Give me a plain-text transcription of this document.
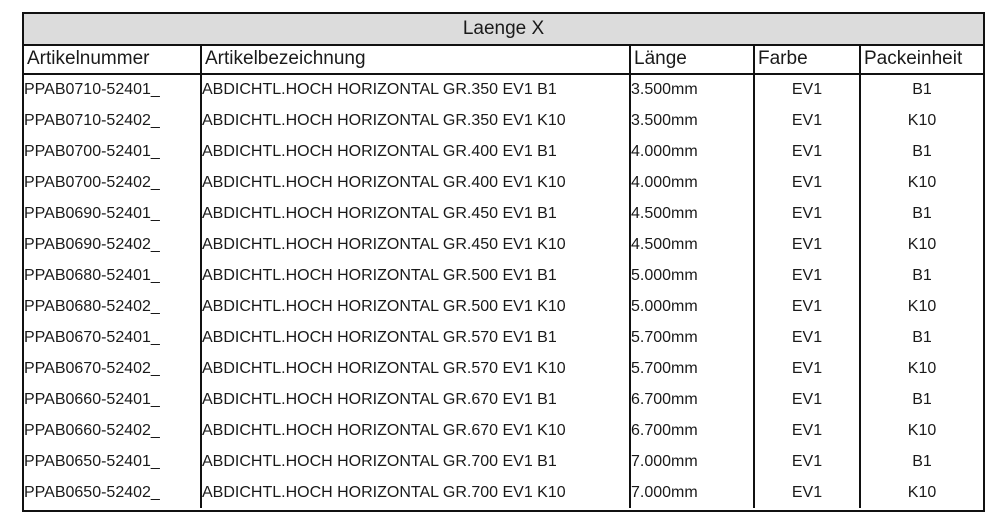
Laenge X
Artikelnummer	Artikelbezeichnung	Länge	Farbe	Packeinheit
PPAB0710-52401_	ABDICHTL.HOCH HORIZONTAL GR.350 EV1 B1	3.500mm	EV1	B1
PPAB0710-52402_	ABDICHTL.HOCH HORIZONTAL GR.350 EV1 K10	3.500mm	EV1	K10
PPAB0700-52401_	ABDICHTL.HOCH HORIZONTAL GR.400 EV1 B1	4.000mm	EV1	B1
PPAB0700-52402_	ABDICHTL.HOCH HORIZONTAL GR.400 EV1 K10	4.000mm	EV1	K10
PPAB0690-52401_	ABDICHTL.HOCH HORIZONTAL GR.450 EV1 B1	4.500mm	EV1	B1
PPAB0690-52402_	ABDICHTL.HOCH HORIZONTAL GR.450 EV1 K10	4.500mm	EV1	K10
PPAB0680-52401_	ABDICHTL.HOCH HORIZONTAL GR.500 EV1 B1	5.000mm	EV1	B1
PPAB0680-52402_	ABDICHTL.HOCH HORIZONTAL GR.500 EV1 K10	5.000mm	EV1	K10
PPAB0670-52401_	ABDICHTL.HOCH HORIZONTAL GR.570 EV1 B1	5.700mm	EV1	B1
PPAB0670-52402_	ABDICHTL.HOCH HORIZONTAL GR.570 EV1 K10	5.700mm	EV1	K10
PPAB0660-52401_	ABDICHTL.HOCH HORIZONTAL GR.670 EV1 B1	6.700mm	EV1	B1
PPAB0660-52402_	ABDICHTL.HOCH HORIZONTAL GR.670 EV1 K10	6.700mm	EV1	K10
PPAB0650-52401_	ABDICHTL.HOCH HORIZONTAL GR.700 EV1 B1	7.000mm	EV1	B1
PPAB0650-52402_	ABDICHTL.HOCH HORIZONTAL GR.700 EV1 K10	7.000mm	EV1	K10
